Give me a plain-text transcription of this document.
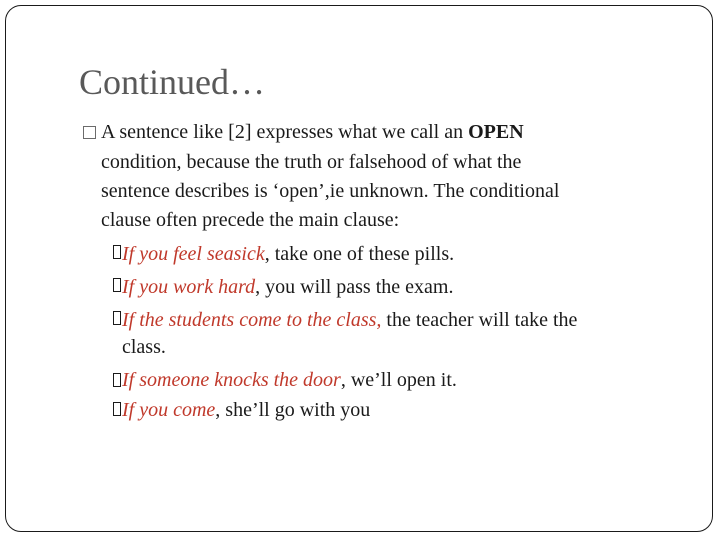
Continued…
A sentence like [2] expresses what we call an OPEN
condition, because the truth or falsehood of what the
sentence describes is ‘open’,ie unknown. The conditional
clause often precede the main clause:
If you feel seasick, take one of these pills.
If you work hard, you will pass the exam.
If the students come to the class, the teacher will take the
class.
If someone knocks the door, we’ll open it.
If you come, she’ll go with you
